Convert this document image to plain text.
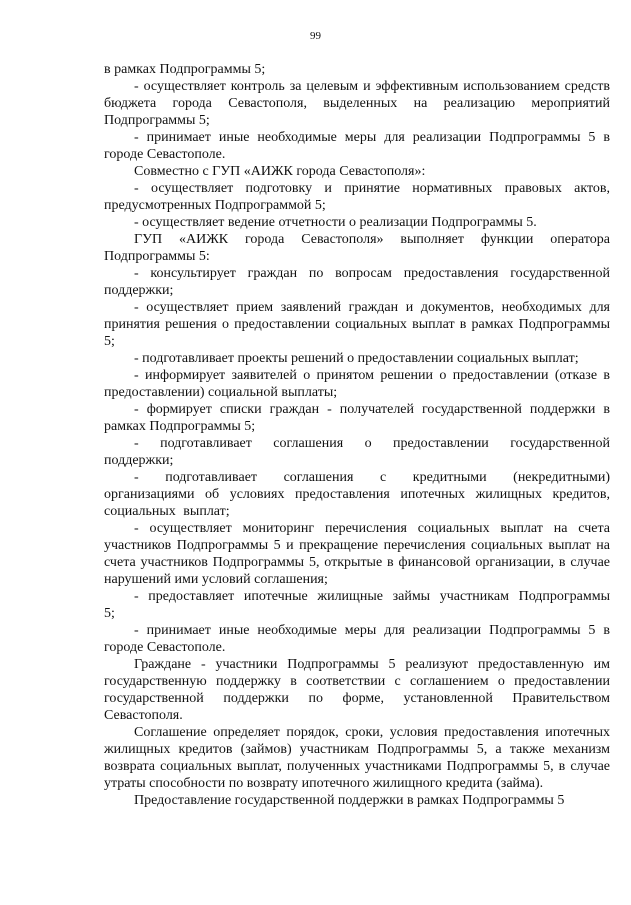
99

в рамках Подпрограммы 5;

- осуществляет контроль за целевым и эффективным использованием средств бюджета города Севастополя, выделенных на реализацию мероприятий Подпрограммы 5;

- принимает иные необходимые меры для реализации Подпрограммы 5 в городе Севастополе.

Совместно с ГУП «АИЖК города Севастополя»:

- осуществляет подготовку и принятие нормативных правовых актов, предусмотренных Подпрограммой 5;

- осуществляет ведение отчетности о реализации Подпрограммы 5.

ГУП «АИЖК города Севастополя» выполняет функции оператора Подпрограммы 5:

- консультирует граждан по вопросам предоставления государственной поддержки;

- осуществляет прием заявлений граждан и документов, необходимых для принятия решения о предоставлении социальных выплат в рамках Подпрограммы 5;

- подготавливает проекты решений о предоставлении социальных выплат;

- информирует заявителей о принятом решении о предоставлении (отказе в предоставлении) социальной выплаты;

- формирует списки граждан - получателей государственной поддержки в рамках Подпрограммы 5;

- подготавливает соглашения о предоставлении государственной поддержки;

- подготавливает соглашения с кредитными (некредитными) организациями об условиях предоставления ипотечных жилищных кредитов, социальных выплат;

- осуществляет мониторинг перечисления социальных выплат на счета участников Подпрограммы 5 и прекращение перечисления социальных выплат на счета участников Подпрограммы 5, открытые в финансовой организации, в случае нарушений ими условий соглашения;

- предоставляет ипотечные жилищные займы участникам Подпрограммы 5;

- принимает иные необходимые меры для реализации Подпрограммы 5 в городе Севастополе.

Граждане - участники Подпрограммы 5 реализуют предоставленную им государственную поддержку в соответствии с соглашением о предоставлении государственной поддержки по форме, установленной Правительством Севастополя.

Соглашение определяет порядок, сроки, условия предоставления ипотечных жилищных кредитов (займов) участникам Подпрограммы 5, а также механизм возврата социальных выплат, полученных участниками Подпрограммы 5, в случае утраты способности по возврату ипотечного жилищного кредита (займа).

Предоставление государственной поддержки в рамках Подпрограммы 5
